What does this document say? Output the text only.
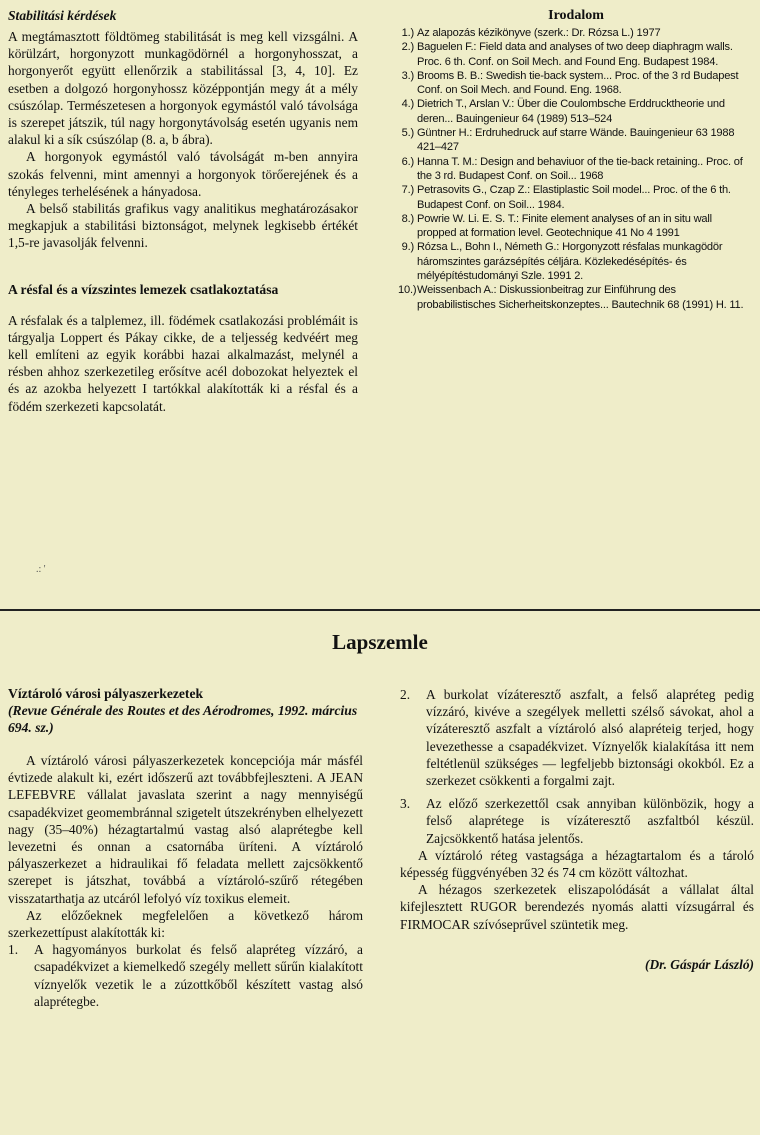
Stabilitási kérdések

A megtámasztott földtömeg stabilitását is meg kell vizsgálni. A körülzárt, horgonyzott munkagödörnél a horgonyhosszat, a horgonyerőt együtt ellenőrzik a stabilitással [3, 4, 10]. Ez esetben a dolgozó horgonyhossz középpontján megy át a mély csúszólap. Természetesen a horgonyok egymástól való távolsága is szerepet játszik, túl nagy horgonytávolság esetén ugyanis nem alakul ki a sík csúszólap (8. a, b ábra).

A horgonyok egymástól való távolságát m-ben annyira szokás felvenni, mint amennyi a horgonyok törőerejének és a tényleges terhelésének a hányadosa.

A belső stabilitás grafikus vagy analitikus meghatározásakor megkapjuk a stabilitási biztonságot, melynek legkisebb értékét 1,5-re javasolják felvenni.

A résfal és a vízszintes lemezek csatlakoztatása

A résfalak és a talplemez, ill. födémek csatlakozási problémáit is tárgyalja Loppert és Pákay cikke, de a teljesség kedvéért meg kell említeni az egyik korábbi hazai alkalmazást, melynél a résben ahhoz szerkezetileg erősítve acél dobozokat helyeztek el és az azokba helyezett I tartókkal alakították ki a résfal és a födém szerkezeti kapcsolatát.

Irodalom

1.) Az alapozás kézikönyve (szerk.: Dr. Rózsa L.) 1977

2.) Baguelen F.: Field data and analyses of two deep diaphragm walls. Proc. 6 th. Conf. on Soil Mech. and Found Eng. Budapest 1984.

3.) Brooms B. B.: Swedish tie-back system... Proc. of the 3 rd Budapest Conf. on Soil Mech. and Found. Eng. 1968.

4.) Dietrich T., Arslan V.: Über die Coulombsche Erddrucktheorie und deren... Bauingenieur 64 (1989) 513–524

5.) Güntner H.: Erdruhedruck auf starre Wände. Bauingenieur 63 1988 421–427

6.) Hanna T. M.: Design and behaviuor of the tie-back retaining.. Proc. of the 3 rd. Budapest Conf. on Soil... 1968

7.) Petrasovits G., Czap Z.: Elastiplastic Soil model... Proc. of the 6 th. Budapest Conf. on Soil... 1984.

8.) Powrie W. Li. E. S. T.: Finite element analyses of an in situ wall propped at formation level. Geotechnique 41 No 4 1991

9.) Rózsa L., Bohn I., Németh G.: Horgonyzott résfalas munkagödör háromszintes garázsépítés céljára. Közlekedésépítés- és mélyépítéstudományi Szle. 1991 2.

10.) Weissenbach A.: Diskussionbeitrag zur Einführung des probabilistisches Sicherheitskonzeptes... Bautechnik 68 (1991) H. 11.

.: '
Lapszemle

Víztároló városi pályaszerkezetek

(Revue Générale des Routes et des Aérodromes, 1992. március 694. sz.)

A víztároló városi pályaszerkezetek koncepciója már másfél évtizede alakult ki, ezért időszerű azt továbbfejleszteni. A JEAN LEFEBVRE vállalat javaslata szerint a nagy mennyiségű csapadékvizet geomembránnal szigetelt útszekrényben elhelyezett nagy (35–40%) hézagtartalmú vastag alsó alaprétegbe kell levezetni és onnan a csatornába üríteni. A víztároló pályaszerkezet a hidraulikai fő feladata mellett zajcsökkentő szerepet is játszhat, továbbá a víztároló-szűrő rétegében visszatarthatja az utcáról lefolyó víz toxikus elemeit.

Az előzőeknek megfelelően a következő három szerkezettípust alakították ki:

1. A hagyományos burkolat és felső alapréteg vízzáró, a csapadékvizet a kiemelkedő szegély mellett sűrűn kialakított víznyelők vezetik le a zúzottkőből készített vastag alsó alaprétegbe.
2. A burkolat vízáteresztő aszfalt, a felső alapréteg pedig vízzáró, kivéve a szegélyek melletti szélső sávokat, ahol a vízáteresztő aszfalt a víztároló alsó alapréteig terjed, hogy levezethesse a csapadékvizet. Víznyelők kialakítása itt nem feltétlenül szükséges — legfeljebb biztonsági okokból. Ez a szerkezet csökkenti a forgalmi zajt.
3. Az előző szerkezettől csak annyiban különbözik, hogy a felső alaprétege is vízáteresztő aszfaltból készül. Zajcsökkentő hatása jelentős.

A víztároló réteg vastagsága a hézagtartalom és a tároló képesség függvényében 32 és 74 cm között változhat.

A hézagos szerkezetek eliszapolódását a vállalat által kifejlesztett RUGOR berendezés nyomás alatti vízsugárral és FIRMOCAR szívóseprűvel szüntetik meg.

(Dr. Gáspár László)
